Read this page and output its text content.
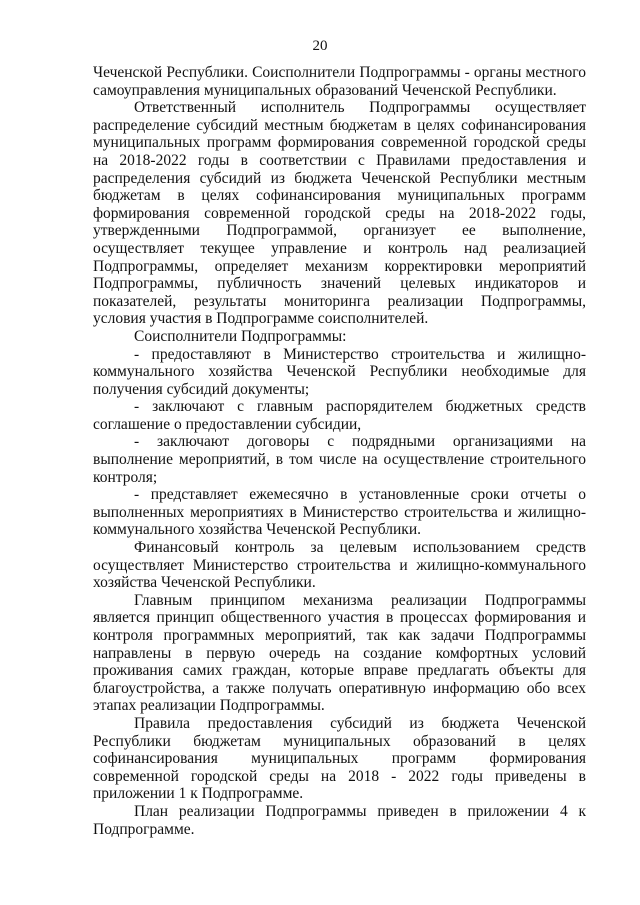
20

Чеченской Республики. Соисполнители Подпрограммы - органы местного самоуправления муниципальных образований Чеченской Республики.

Ответственный исполнитель Подпрограммы осуществляет распределение субсидий местным бюджетам в целях софинансирования муниципальных программ формирования современной городской среды на 2018-2022 годы в соответствии с Правилами предоставления и распределения субсидий из бюджета Чеченской Республики местным бюджетам в целях софинансирования муниципальных программ формирования современной городской среды на 2018-2022 годы, утвержденными Подпрограммой, организует ее выполнение, осуществляет текущее управление и контроль над реализацией Подпрограммы, определяет механизм корректировки мероприятий Подпрограммы, публичность значений целевых индикаторов и показателей, результаты мониторинга реализации Подпрограммы, условия участия в Подпрограмме соисполнителей.

Соисполнители Подпрограммы:

- предоставляют в Министерство строительства и жилищно-коммунального хозяйства Чеченской Республики необходимые для получения субсидий документы;

- заключают с главным распорядителем бюджетных средств соглашение о предоставлении субсидии,

- заключают договоры с подрядными организациями на выполнение мероприятий, в том числе на осуществление строительного контроля;

- представляет ежемесячно в установленные сроки отчеты о выполненных мероприятиях в Министерство строительства и жилищно-коммунального хозяйства Чеченской Республики.

Финансовый контроль за целевым использованием средств осуществляет Министерство строительства и жилищно-коммунального хозяйства Чеченской Республики.

Главным принципом механизма реализации Подпрограммы является принцип общественного участия в процессах формирования и контроля программных мероприятий, так как задачи Подпрограммы направлены в первую очередь на создание комфортных условий проживания самих граждан, которые вправе предлагать объекты для благоустройства, а также получать оперативную информацию обо всех этапах реализации Подпрограммы.

Правила предоставления субсидий из бюджета Чеченской Республики бюджетам муниципальных образований в целях софинансирования муниципальных программ формирования современной городской среды на 2018 - 2022 годы приведены в приложении 1 к Подпрограмме.

План реализации Подпрограммы приведен в приложении 4 к Подпрограмме.
